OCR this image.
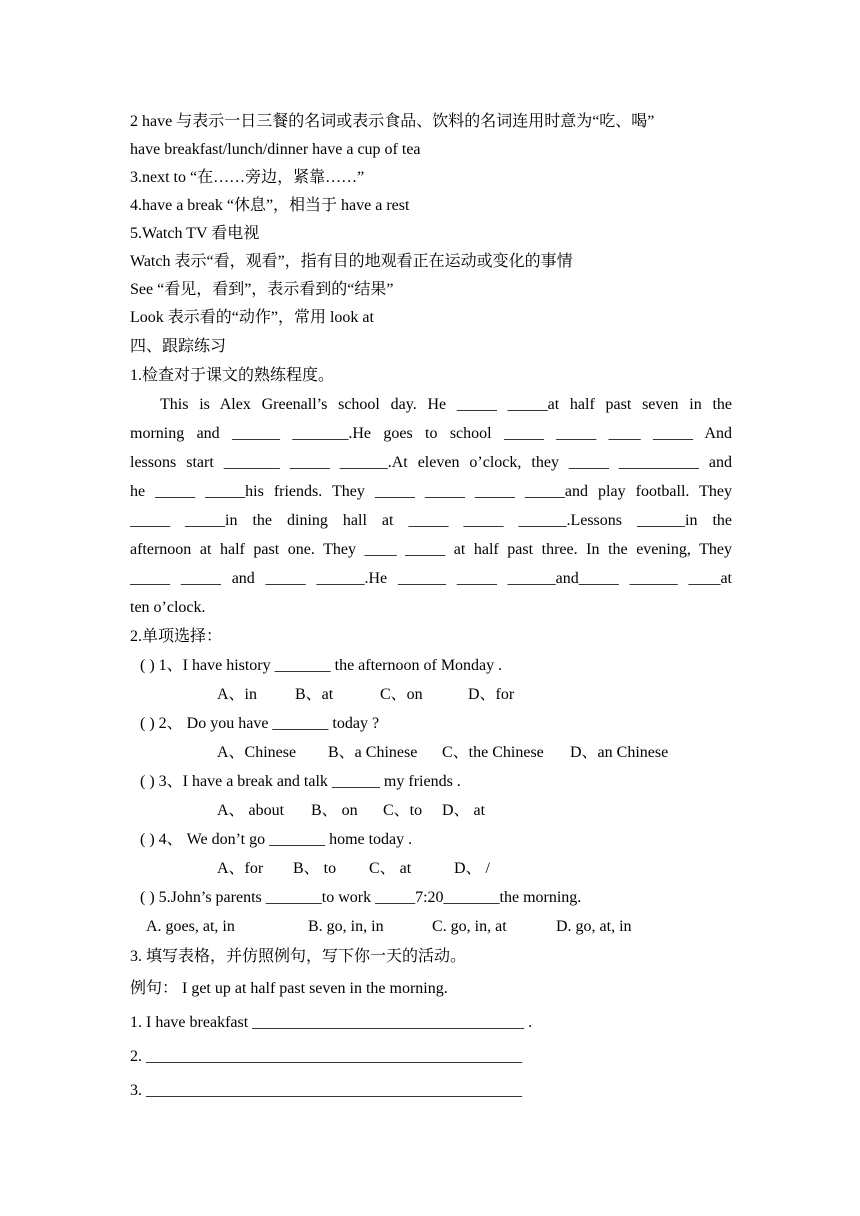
2 have 与表示一日三餐的名词或表示食品、饮料的名词连用时意为“吃、喝”
have breakfast/lunch/dinner have a cup of tea
3.next to “在……旁边，紧靠……”
4.have a break “休息”，相当于 have a rest
5.Watch TV 看电视
Watch 表示“看，观看”，指有目的地观看正在运动或变化的事情
See “看见，看到”，表示看到的“结果”
Look 表示看的“动作”，常用 look at
四、跟踪练习
1.检查对于课文的熟练程度。
This is Alex Greenall’s school day. He _____ _____at half past seven in the
morning and ______ _______.He goes to school _____ _____ ____ _____ And
lessons start _______ _____ ______.At eleven o’clock, they _____ __________ and
he _____ _____his friends. They _____ _____ _____ _____and play football. They
_____ _____in the dining hall at _____ _____ ______.Lessons ______in the
afternoon at half past one. They ____ _____ at half past three. In the evening, They
_____ _____ and _____ ______.He ______ _____ ______and_____ ______ ____at
ten o’clock.
2.单项选择：
( ) 1、I have history _______ the afternoon of Monday .
A、in B、at	C、on	D、for
( ) 2、 Do you have _______ today ?
A、Chinese B、a Chinese C、the Chinese D、an Chinese
( ) 3、I have a break and talk ______ my friends .
A、 about B、 on C、to D、 at
( ) 4、 We don’t go _______ home today .
A、for B、 to C、 at	D、 /
( ) 5.John’s parents _______to work _____7:20_______the morning.
A. goes, at, in	B. go, in, in	C. go, in, at	D. go, at, in
3. 填写表格，并仿照例句，写下你一天的活动。
例句： I get up at half past seven in the morning.
1. I have breakfast __________________________________ .
2. _______________________________________________
3. _______________________________________________
